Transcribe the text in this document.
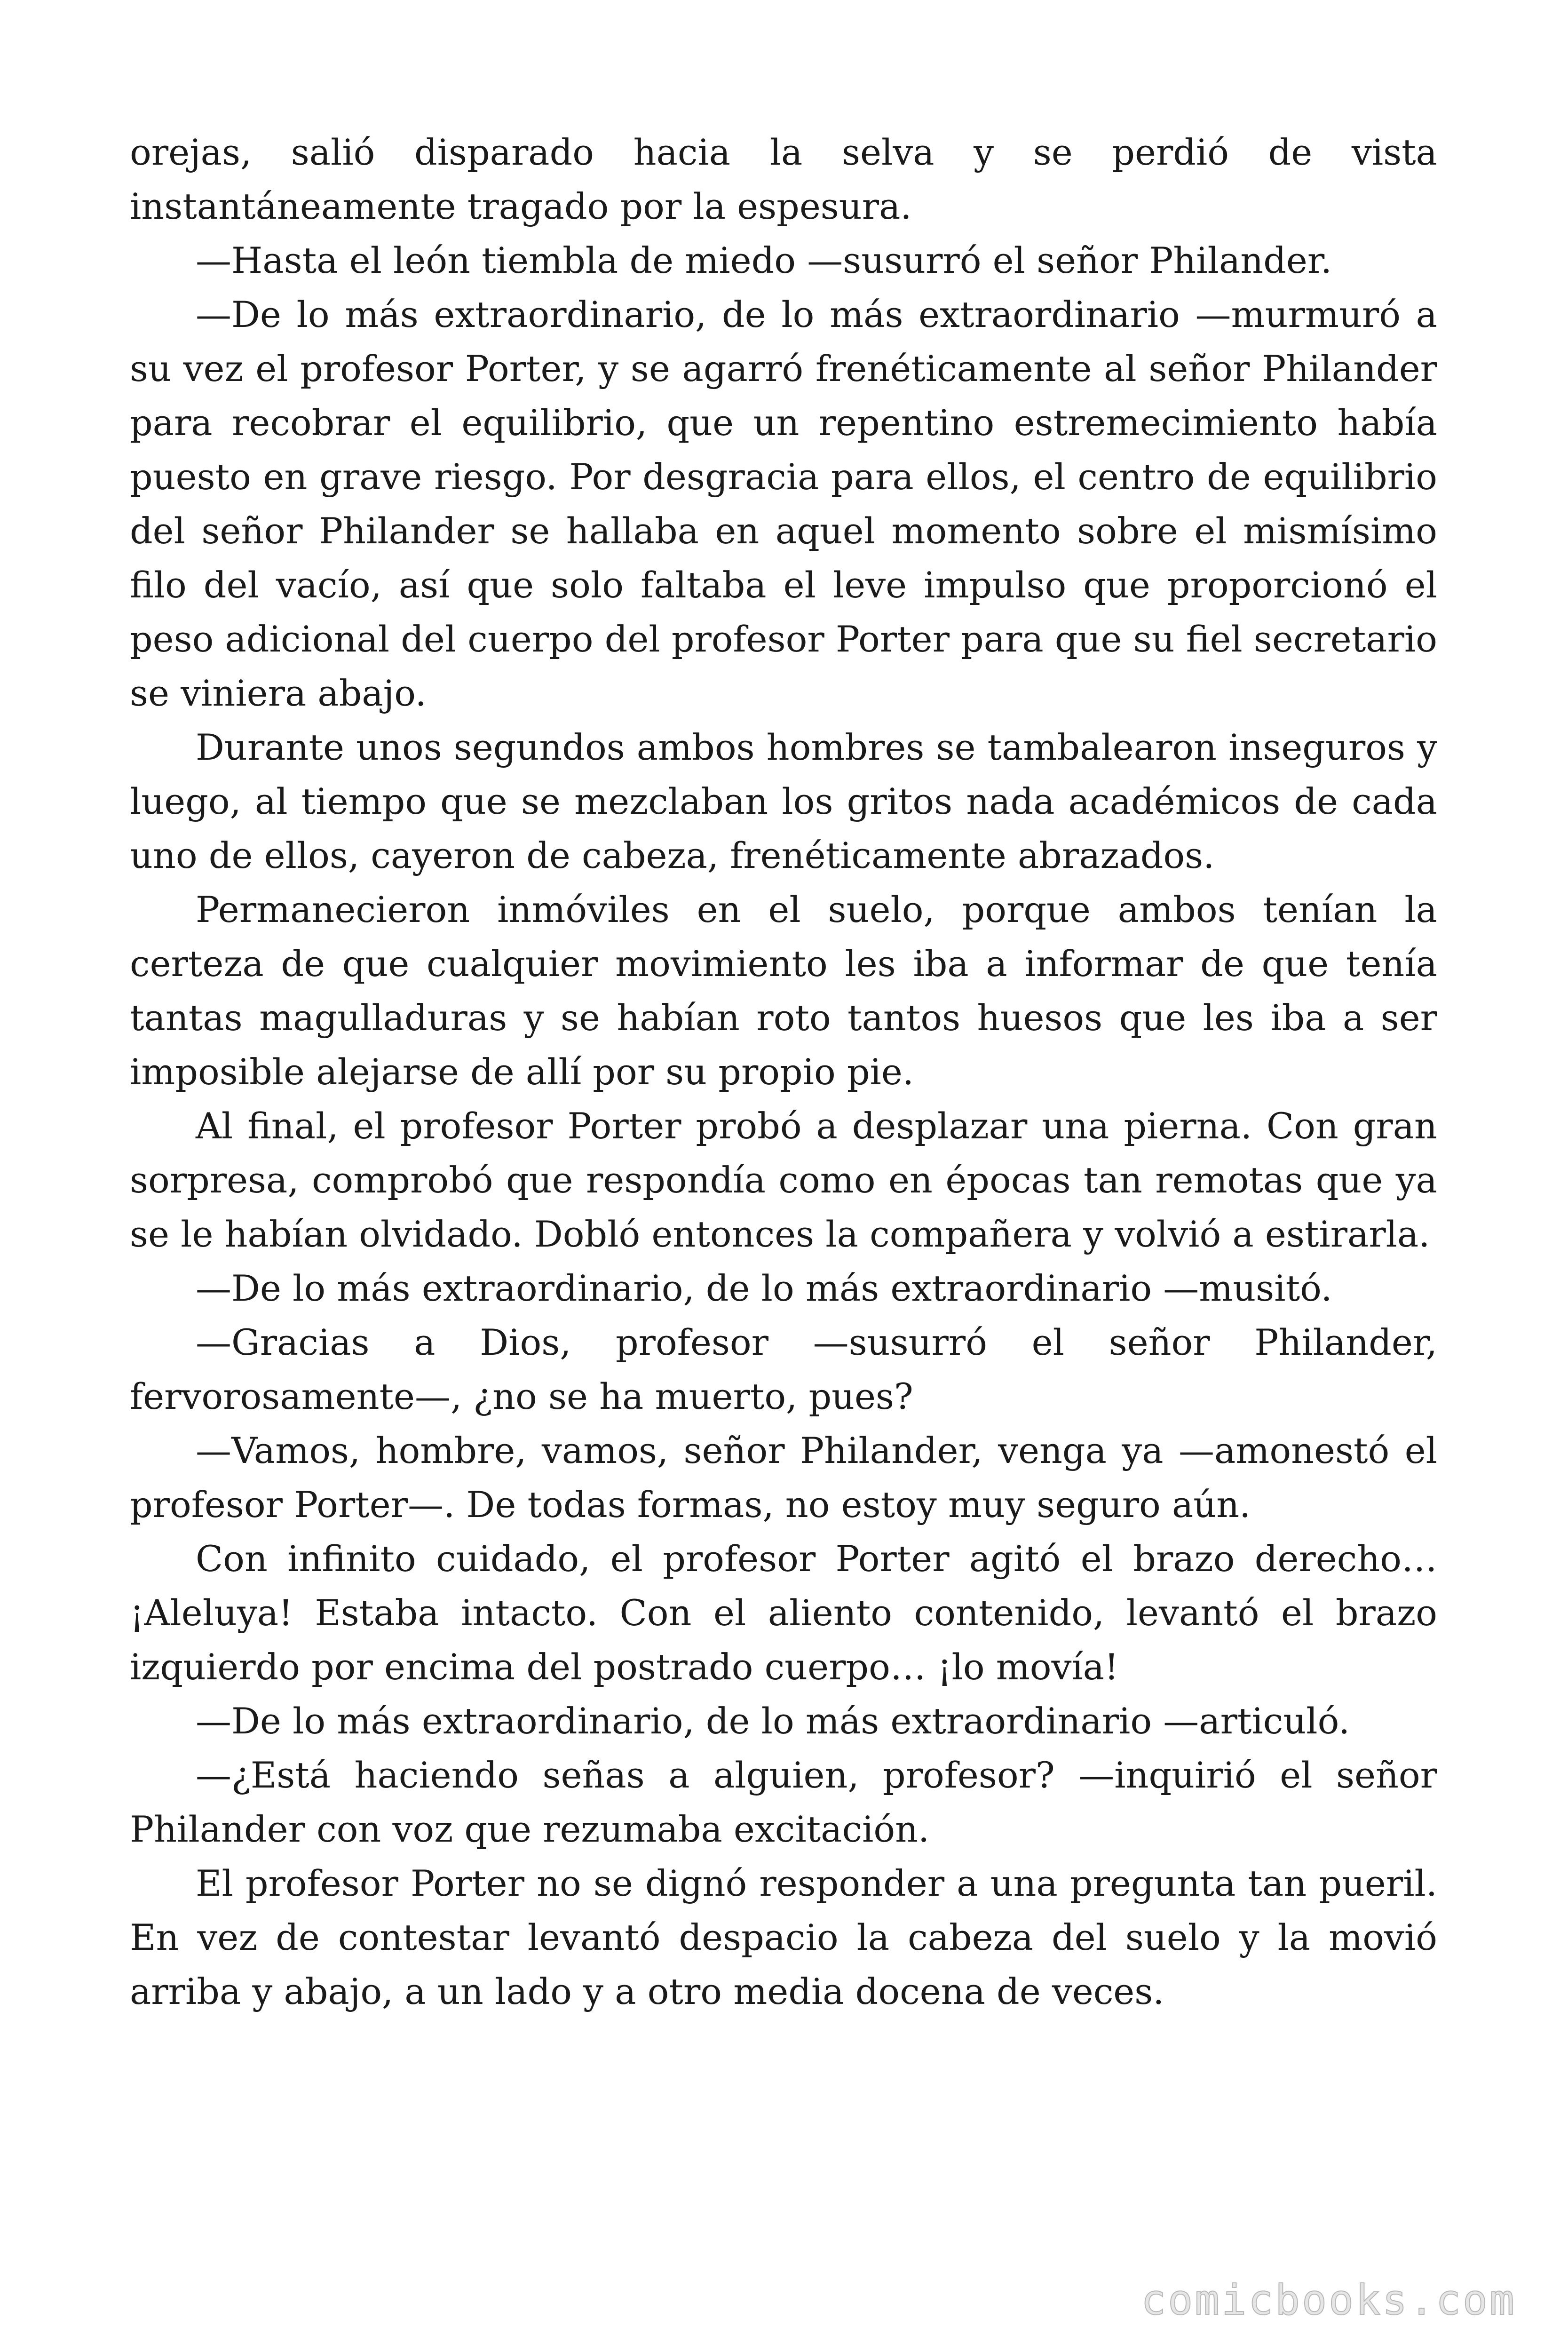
orejas, salió disparado hacia la selva y se perdió de vista instantáneamente tragado por la espesura.

—Hasta el león tiembla de miedo —susurró el señor Philander.

—De lo más extraordinario, de lo más extraordinario —murmuró a su vez el profesor Porter, y se agarró frenéticamente al señor Philander para recobrar el equilibrio, que un repentino estremecimiento había puesto en grave riesgo. Por desgracia para ellos, el centro de equilibrio del señor Philander se hallaba en aquel momento sobre el mismísimo filo del vacío, así que solo faltaba el leve impulso que proporcionó el peso adicional del cuerpo del profesor Porter para que su fiel secretario se viniera abajo.

Durante unos segundos ambos hombres se tambalearon inseguros y luego, al tiempo que se mezclaban los gritos nada académicos de cada uno de ellos, cayeron de cabeza, frenéticamente abrazados.

Permanecieron inmóviles en el suelo, porque ambos tenían la certeza de que cualquier movimiento les iba a informar de que tenía tantas magulladuras y se habían roto tantos huesos que les iba a ser imposible alejarse de allí por su propio pie.

Al final, el profesor Porter probó a desplazar una pierna. Con gran sorpresa, comprobó que respondía como en épocas tan remotas que ya se le habían olvidado. Dobló entonces la compañera y volvió a estirarla.

—De lo más extraordinario, de lo más extraordinario —musitó.

—Gracias a Dios, profesor —susurró el señor Philander, fervorosamente—, ¿no se ha muerto, pues?

—Vamos, hombre, vamos, señor Philander, venga ya —amonestó el profesor Porter—. De todas formas, no estoy muy seguro aún.

Con infinito cuidado, el profesor Porter agitó el brazo derecho… ¡Aleluya! Estaba intacto. Con el aliento contenido, levantó el brazo izquierdo por encima del postrado cuerpo… ¡lo movía!

—De lo más extraordinario, de lo más extraordinario —articuló.

—¿Está haciendo señas a alguien, profesor? —inquirió el señor Philander con voz que rezumaba excitación.

El profesor Porter no se dignó responder a una pregunta tan pueril. En vez de contestar levantó despacio la cabeza del suelo y la movió arriba y abajo, a un lado y a otro media docena de veces.

comicbooks.com
